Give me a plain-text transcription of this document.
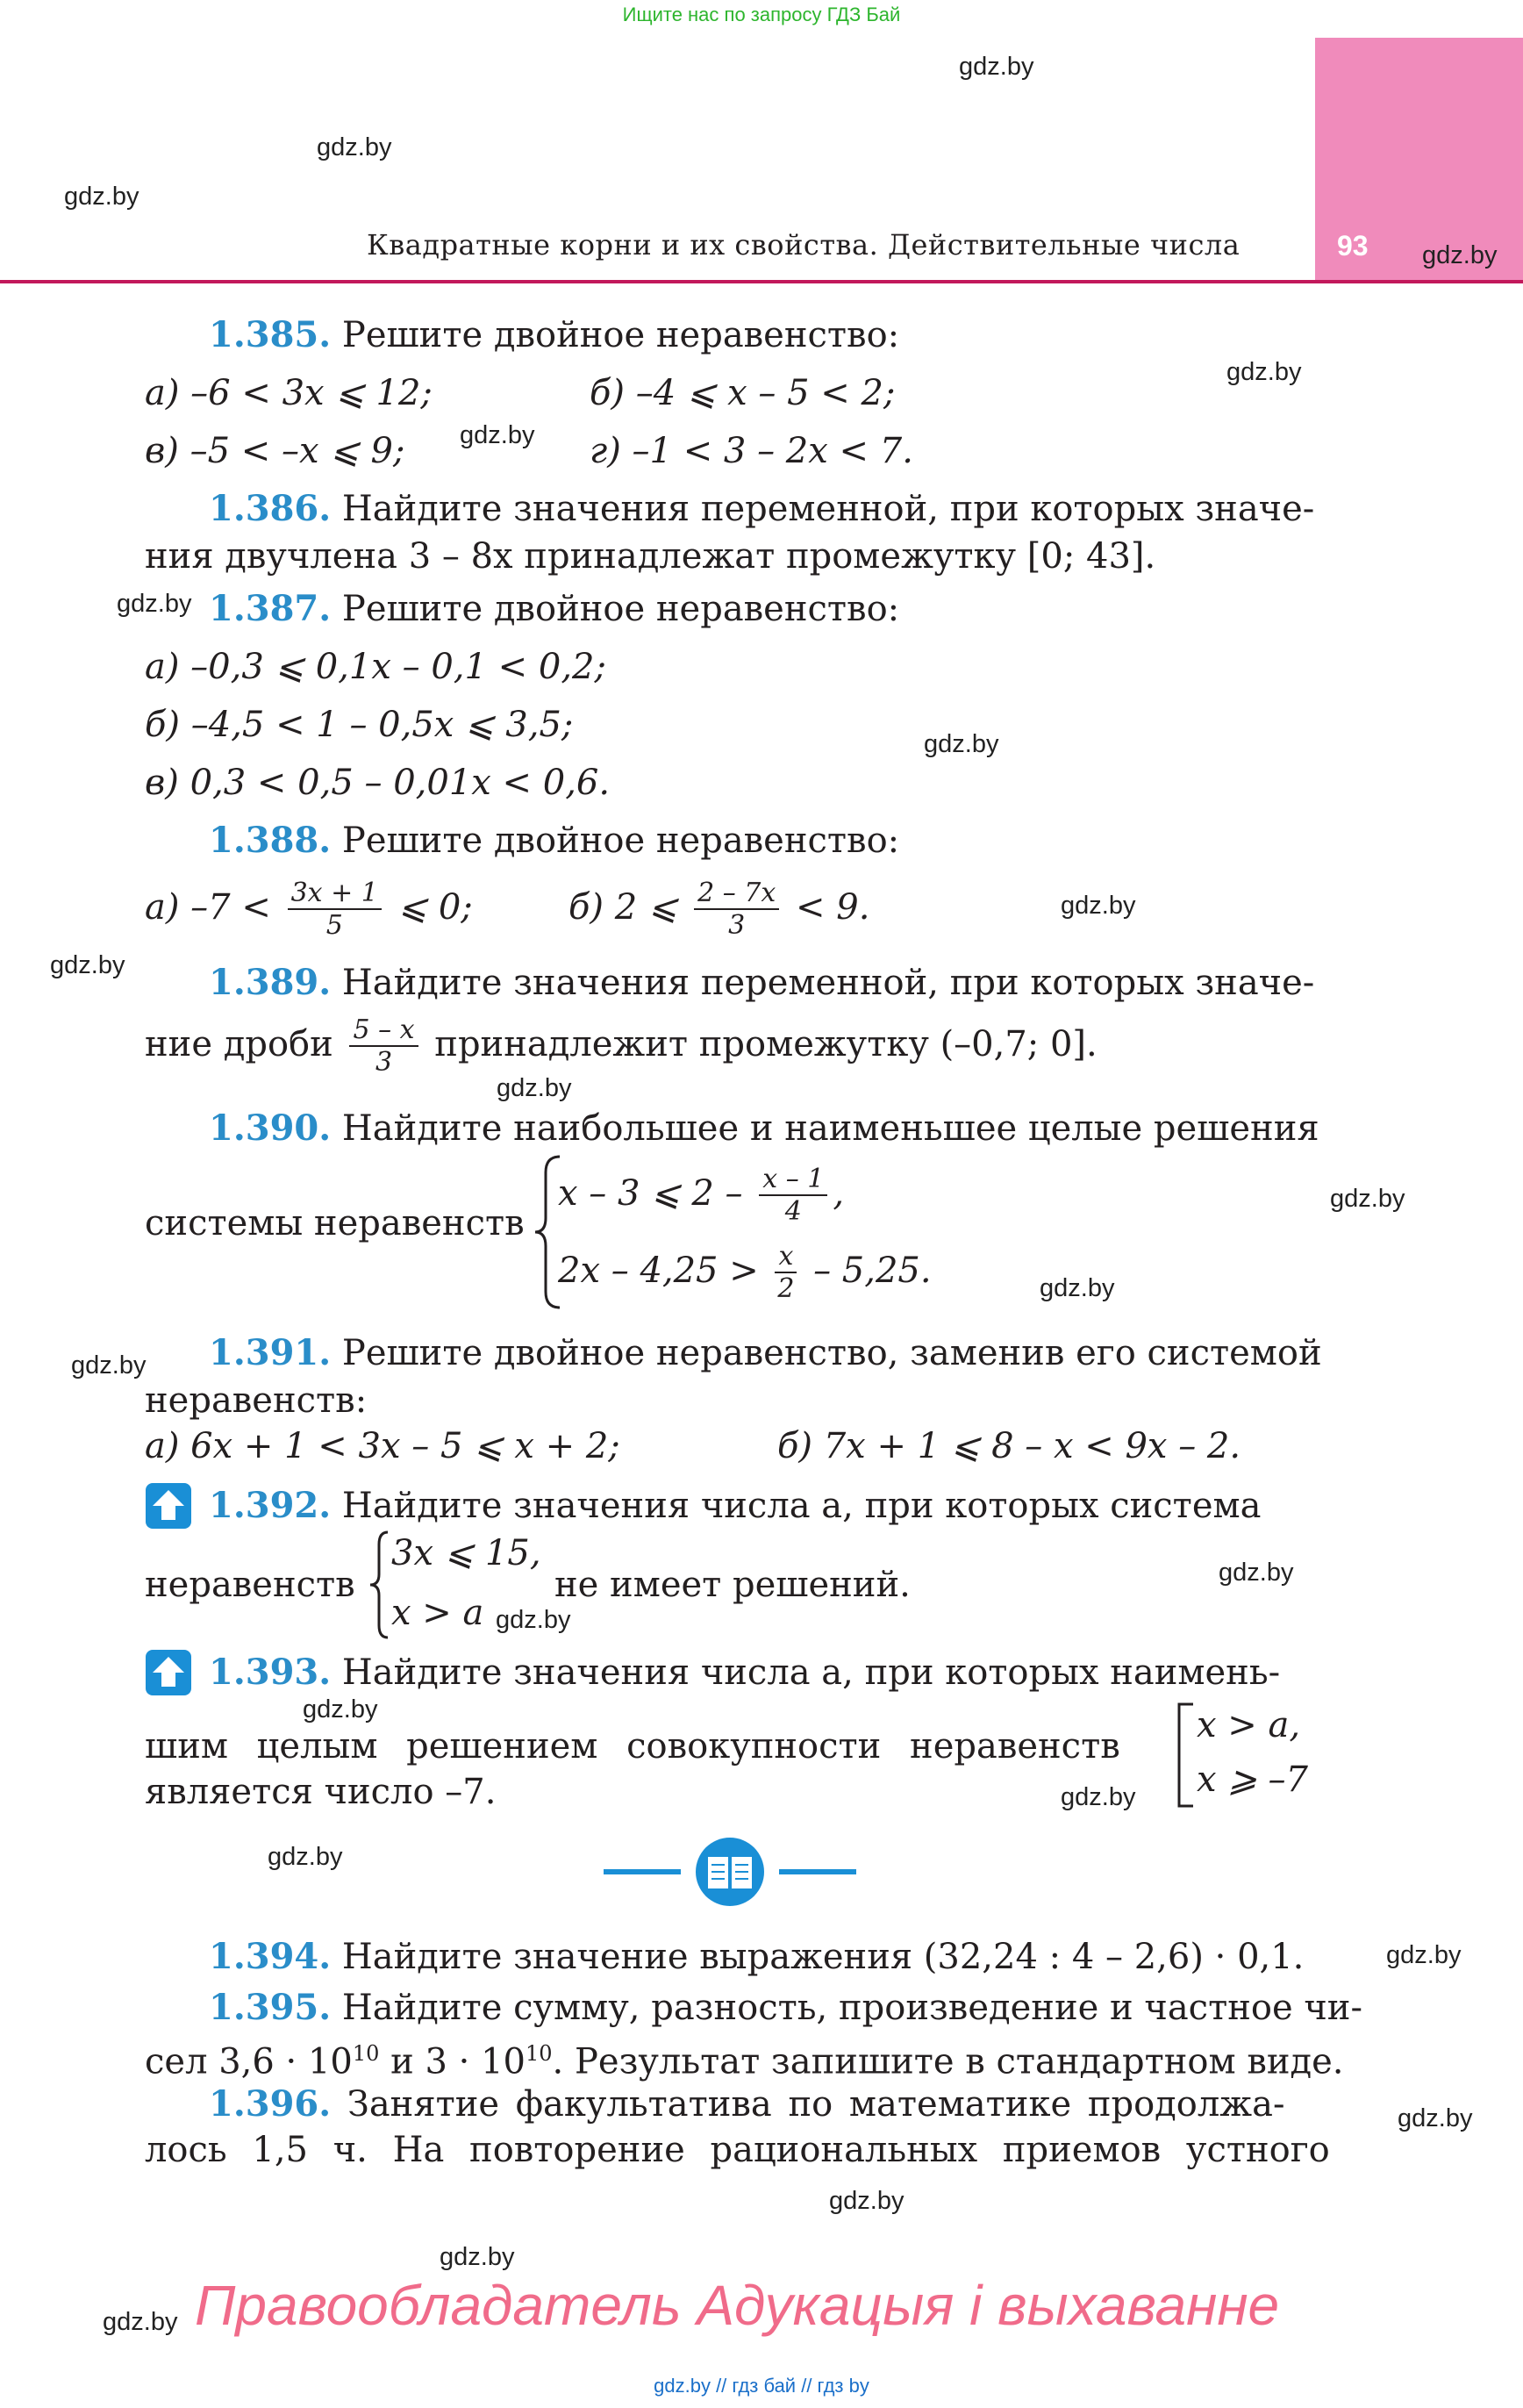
Ищите нас по запросу ГДЗ Бай
93
Квадратные корни и их свойства. Действительные числа
gdz.by
gdz.by
gdz.by
gdz.by
gdz.by
gdz.by
gdz.by
gdz.by
gdz.by
gdz.by
gdz.by
gdz.by
gdz.by
gdz.by
gdz.by
gdz.by
gdz.by
gdz.by
gdz.by
gdz.by
gdz.by
gdz.by
gdz.by
gdz.by
1.385. Решите двойное неравенство:
а) –6 < 3x ⩽ 12;	б) –4 ⩽ x – 5 < 2;
в) –5 < –x ⩽ 9;	г) –1 < 3 – 2x < 7.
1.386. Найдите значения переменной, при которых значе-
ния двучлена 3 – 8x принадлежат промежутку [0; 43].
1.387. Решите двойное неравенство:
а) –0,3 ⩽ 0,1x – 0,1 < 0,2;
б) –4,5 < 1 – 0,5x ⩽ 3,5;
в) 0,3 < 0,5 – 0,01x < 0,6.
1.388. Решите двойное неравенство:
а) $-7 < \frac{3x + 1}{5}$ ⩽ 0;	б) 2 ⩽ $\frac{2 - 7x}{3} < 9$.
1.389. Найдите значения переменной, при которых значе-
ние дроби $\frac{5 - x}{3}$ принадлежит промежутку (–0,7; 0].
1.390. Найдите наибольшее и наименьшее целые решения
системы неравенств
x – 3 ⩽ $2 - \frac{x - 1}{4}$ ,
$2x - 4,25 > \frac{x}{2} - 5,25$.
1.391. Решите двойное неравенство, заменив его системой
неравенств:
а) 6x + 1 < 3x – 5 ⩽ x + 2;	б) 7x + 1 ⩽ 8 – x < 9x – 2.
1.392. Найдите значения числа a, при которых система
неравенств
3x ⩽ 15,
x > a
не имеет решений.
1.393. Найдите значения числа a, при которых наимень-
шим целым решением совокупности неравенств
является число –7.
x > a,
x ⩾ –7
1.394. Найдите значение выражения (32,24 : 4 – 2,6) · 0,1.
1.395. Найдите сумму, разность, произведение и частное чи-
сел $3,6 \cdot 10^{10}$ и $3 \cdot 10^{10}$. Результат запишите в стандартном виде.
1.396. Занятие факультатива по математике продолжа-
лось 1,5 ч. На повторение рациональных приемов устного
Правообладатель Адукацыя і выхаванне
gdz.by // гдз бай // гдз by
